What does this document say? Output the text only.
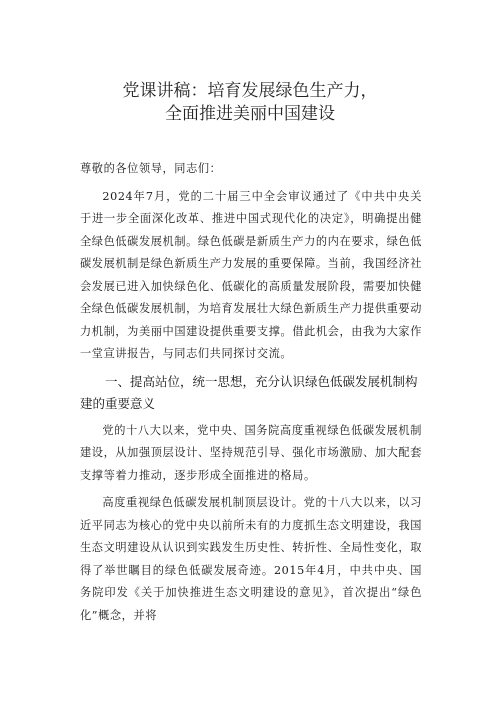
党课讲稿：培育发展绿色生产力，
全面推进美丽中国建设

尊敬的各位领导，同志们：

2024年7月，党的二十届三中全会审议通过了《中共中央关于进一步全面深化改革、推进中国式现代化的决定》，明确提出健全绿色低碳发展机制。绿色低碳是新质生产力的内在要求，绿色低碳发展机制是绿色新质生产力发展的重要保障。当前，我国经济社会发展已进入加快绿色化、低碳化的高质量发展阶段，需要加快健全绿色低碳发展机制，为培育发展壮大绿色新质生产力提供重要动力机制，为美丽中国建设提供重要支撑。借此机会，由我为大家作一堂宣讲报告，与同志们共同探讨交流。

一、提高站位，统一思想，充分认识绿色低碳发展机制构建的重要意义

党的十八大以来，党中央、国务院高度重视绿色低碳发展机制建设，从加强顶层设计、坚持规范引导、强化市场激励、加大配套支撑等着力推动，逐步形成全面推进的格局。

高度重视绿色低碳发展机制顶层设计。党的十八大以来，以习近平同志为核心的党中央以前所未有的力度抓生态文明建设，我国生态文明建设从认识到实践发生历史性、转折性、全局性变化，取得了举世瞩目的绿色低碳发展奇迹。2015年4月，中共中央、国务院印发《关于加快推进生态文明建设的意见》，首次提出“绿色化”概念，并将
